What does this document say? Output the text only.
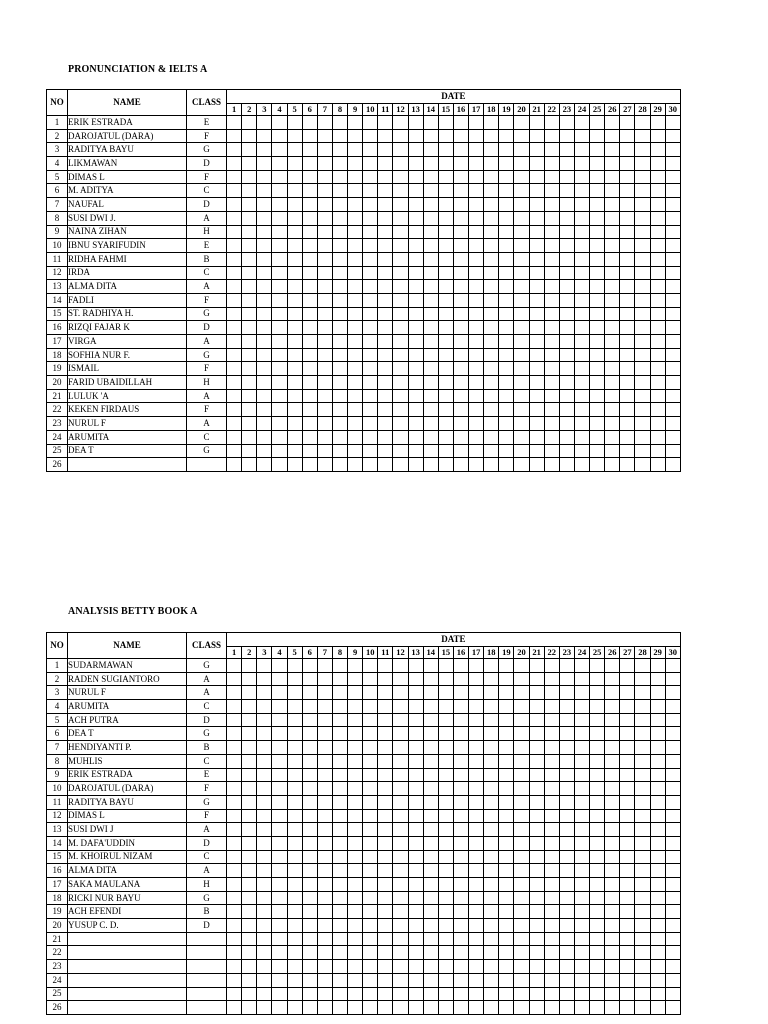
PRONUNCIATION & IELTS A
NO	NAME	CLASS	DATE																													
			1	2	3	4	5	6	7	8	9	10	11	12	13	14	15	16	17	18	19	20	21	22	23	24	25	26	27	28	29	30
1	ERIK ESTRADA	E																														
2	DAROJATUL (DARA)	F																														
3	RADITYA BAYU	G																														
4	LIKMAWAN	D																														
5	DIMAS L	F																														
6	M. ADITYA	C																														
7	NAUFAL	D																														
8	SUSI DWI J.	A																														
9	NAINA ZIHAN	H																														
10	IBNU SYARIFUDIN	E																														
11	RIDHA FAHMI	B																														
12	IRDA	C																														
13	ALMA DITA	A																														
14	FADLI	F																														
15	ST. RADHIYA H.	G																														
16	RIZQI FAJAR K	D																														
17	VIRGA	A																														
18	SOFHIA NUR F.	G																														
19	ISMAIL	F																														
20	FARID UBAIDILLAH	H																														
21	LULUK 'A	A																														
22	KEKEN FIRDAUS	F																														
23	NURUL F	A																														
24	ARUMITA	C																														
25	DEA T	G																														
26																																
ANALYSIS BETTY BOOK A
NO	NAME	CLASS	DATE																													
			1	2	3	4	5	6	7	8	9	10	11	12	13	14	15	16	17	18	19	20	21	22	23	24	25	26	27	28	29	30
1	SUDARMAWAN	G																														
2	RADEN SUGIANTORO	A																														
3	NURUL F	A																														
4	ARUMITA	C																														
5	ACH PUTRA	D																														
6	DEA T	G																														
7	HENDIYANTI P.	B																														
8	MUHLIS	C																														
9	ERIK ESTRADA	E																														
10	DAROJATUL (DARA)	F																														
11	RADITYA BAYU	G																														
12	DIMAS L	F																														
13	SUSI DWI J	A																														
14	M. DAFA'UDDIN	D																														
15	M. KHOIRUL NIZAM	C																														
16	ALMA DITA	A																														
17	SAKA MAULANA	H																														
18	RICKI NUR BAYU	G																														
19	ACH EFENDI	B																														
20	YUSUP C. D.	D																														
21																																
22																																
23																																
24																																
25																																
26																																
